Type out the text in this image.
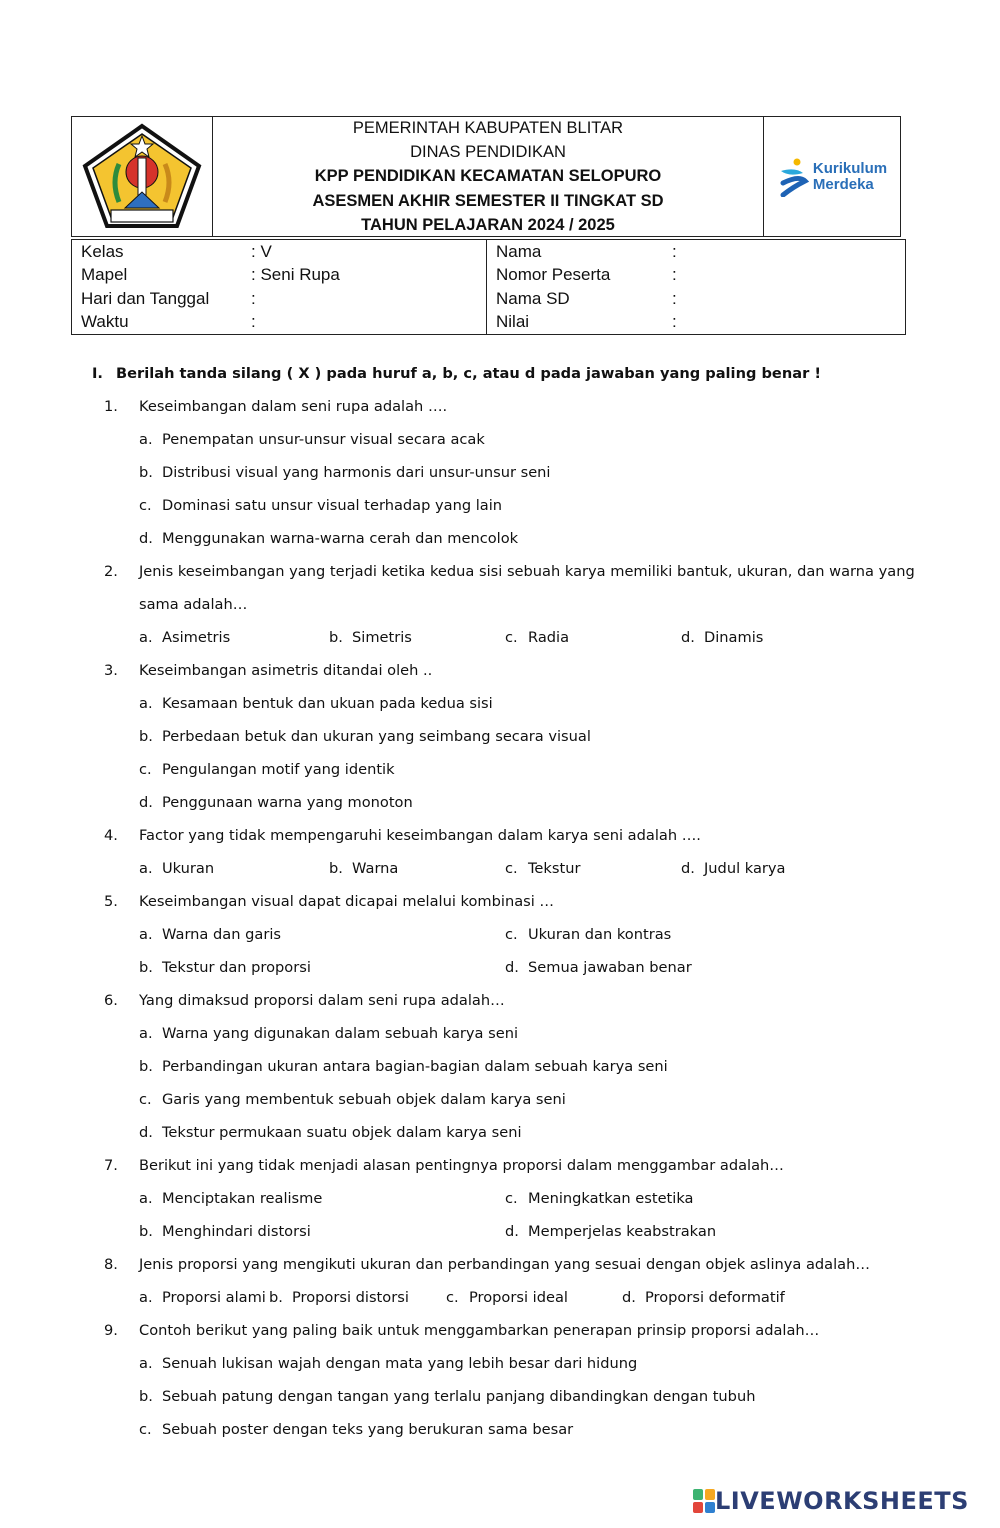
PEMERINTAH KABUPATEN BLITAR
DINAS PENDIDIKAN
KPP PENDIDIKAN KECAMATAN SELOPURO
ASESMEN AKHIR SEMESTER II TINGKAT SD
TAHUN PELAJARAN 2024 / 2025
Kurikulum
Merdeka
Kelas	: V
Mapel	: Seni Rupa
Hari dan Tanggal	:
Waktu	:
Nama	:
Nomor Peserta	:
Nama SD	:
Nilai	:
I. Berilah tanda silang ( X ) pada huruf a, b, c, atau d pada jawaban yang paling benar !
1.	Keseimbangan dalam seni rupa adalah ….
a. Penempatan unsur-unsur visual secara acak
b. Distribusi visual yang harmonis dari unsur-unsur seni
c. Dominasi satu unsur visual terhadap yang lain
d. Menggunakan warna-warna cerah dan mencolok
2.	Jenis keseimbangan yang terjadi ketika kedua sisi sebuah karya memiliki bantuk, ukuran, dan warna yang
sama adalah…
a. Asimetris	b. Simetris	c. Radia	d. Dinamis
3.	Keseimbangan asimetris ditandai oleh ..
a. Kesamaan bentuk dan ukuan pada kedua sisi
b. Perbedaan betuk dan ukuran yang seimbang secara visual
c. Pengulangan motif yang identik
d. Penggunaan warna yang monoton
4.	Factor yang tidak mempengaruhi keseimbangan dalam karya seni adalah ….
a. Ukuran	b. Warna	c. Tekstur	d. Judul karya
5.	Keseimbangan visual dapat dicapai melalui kombinasi …
a. Warna dan garis	c. Ukuran dan kontras
b. Tekstur dan proporsi	d. Semua jawaban benar
6.	Yang dimaksud proporsi dalam seni rupa adalah…
a. Warna yang digunakan dalam sebuah karya seni
b. Perbandingan ukuran antara bagian-bagian dalam sebuah karya seni
c. Garis yang membentuk sebuah objek dalam karya seni
d. Tekstur permukaan suatu objek dalam karya seni
7.	Berikut ini yang tidak menjadi alasan pentingnya proporsi dalam menggambar adalah…
a. Menciptakan realisme	c. Meningkatkan estetika
b. Menghindari distorsi	d. Memperjelas keabstrakan
8.	Jenis proporsi yang mengikuti ukuran dan perbandingan yang sesuai dengan objek aslinya adalah…
a. Proporsi alami b. Proporsi distorsi	c. Proporsi ideal	d. Proporsi deformatif
9.	Contoh berikut yang paling baik untuk menggambarkan penerapan prinsip proporsi adalah…
a. Senuah lukisan wajah dengan mata yang lebih besar dari hidung
b. Sebuah patung dengan tangan yang terlalu panjang dibandingkan dengan tubuh
c. Sebuah poster dengan teks yang berukuran sama besar
LIVEWORKSHEETS
